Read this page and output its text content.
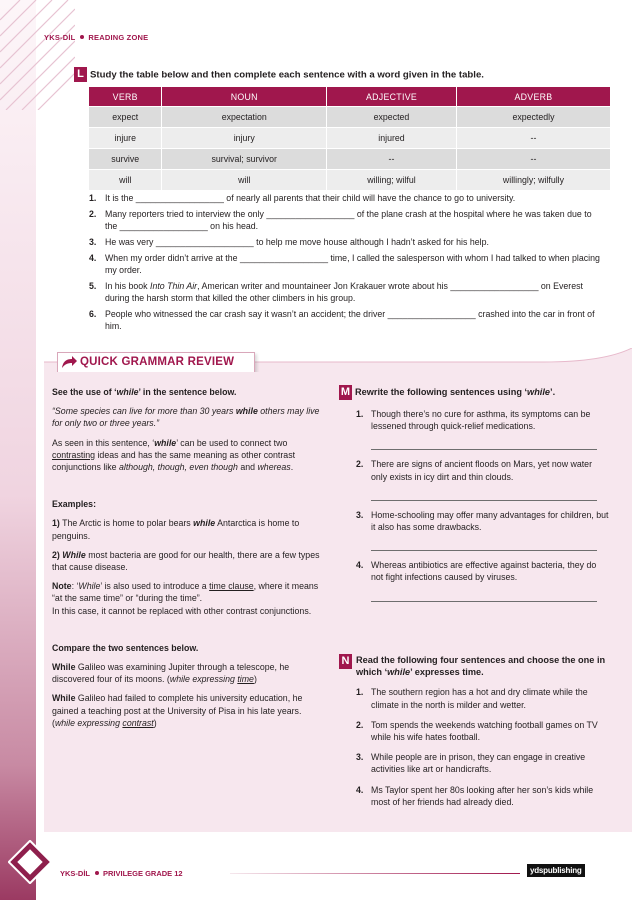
YKS-DİL READING ZONE
L Study the table below and then complete each sentence with a word given in the table.
VERB	NOUN	ADJECTIVE	ADVERB
expect	expectation	expected	expectedly
injure	injury	injured	--
survive	survival; survivor	--	--
will	will	willing; wilful	willingly; wilfully
1. It is the __________________ of nearly all parents that their child will have the chance to go to university.
2. Many reporters tried to interview the only __________________ of the plane crash at the hospital where he was taken due to the __________________ on his head.
3. He was very ____________________ to help me move house although I hadn’t asked for his help.
4. When my order didn’t arrive at the __________________ time, I called the salesperson with whom I had talked to when placing my order.
5. In his book Into Thin Air, American writer and mountaineer Jon Krakauer wrote about his __________________ on Everest during the harsh storm that killed the other climbers in his group.
6. People who witnessed the car crash say it wasn’t an accident; the driver __________________ crashed into the car in front of him.
QUICK GRAMMAR REVIEW

See the use of ‘while’ in the sentence below.

“Some species can live for more than 30 years while others may live for only two or three years.”

As seen in this sentence, ‘while’ can be used to connect two contrasting ideas and has the same meaning as other contrast conjunctions like although, though, even though and whereas.

Examples:

1) The Arctic is home to polar bears while Antarctica is home to penguins.

2) While most bacteria are good for our health, there are a few types that cause disease.

Note: ‘While’ is also used to introduce a time clause, where it means “at the same time” or “during the time”.
In this case, it cannot be replaced with other contrast conjunctions.

Compare the two sentences below.

While Galileo was examining Jupiter through a telescope, he discovered four of its moons. (while expressing time)

While Galileo had failed to complete his university education, he gained a teaching post at the University of Pisa in his late years. (while expressing contrast)

M Rewrite the following sentences using ‘while’.
1. Though there’s no cure for asthma, its symptoms can be lessened through quick-relief medications.
2. There are signs of ancient floods on Mars, yet now water only exists in icy dirt and thin clouds.
3. Home-schooling may offer many advantages for children, but it also has some drawbacks.
4. Whereas antibiotics are effective against bacteria, they do not fight infections caused by viruses.
N Read the following four sentences and choose the one in which ‘while’ expresses time.
1. The southern region has a hot and dry climate while the climate in the north is milder and wetter.
2. Tom spends the weekends watching football games on TV while his wife hates football.
3. While people are in prison, they can engage in creative activities like art or handicrafts.
4. Ms Taylor spent her 80s looking after her son’s kids while most of her friends had already died.
YKS-DİL PRIVILEGE GRADE 12	ydspublishing
